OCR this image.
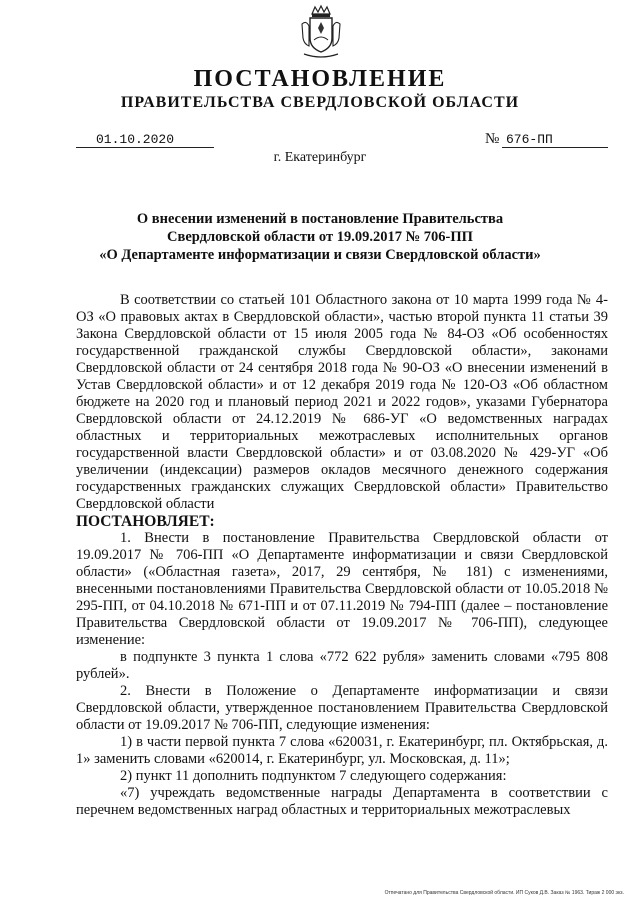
ПОСТАНОВЛЕНИЕ
ПРАВИТЕЛЬСТВА СВЕРДЛОВСКОЙ ОБЛАСТИ
01.10.2020	№ 676-ПП
г. Екатеринбург
О внесении изменений в постановление Правительства
Свердловской области от 19.09.2017 № 706-ПП
«О Департаменте информатизации и связи Свердловской области»

В соответствии со статьей 101 Областного закона от 10 марта 1999 года № 4-ОЗ «О правовых актах в Свердловской области», частью второй пункта 11 статьи 39 Закона Свердловской области от 15 июля 2005 года № 84-ОЗ «Об особенностях государственной гражданской службы Свердловской области», законами Свердловской области от 24 сентября 2018 года № 90-ОЗ «О внесении изменений в Устав Свердловской области» и от 12 декабря 2019 года № 120-ОЗ «Об областном бюджете на 2020 год и плановый период 2021 и 2022 годов», указами Губернатора Свердловской области от 24.12.2019 № 686-УГ «О ведомственных наградах областных и территориальных межотраслевых исполнительных органов государственной власти Свердловской области» и от 03.08.2020 № 429-УГ «Об увеличении (индексации) размеров окладов месячного денежного содержания государственных гражданских служащих Свердловской области» Правительство Свердловской области

ПОСТАНОВЛЯЕТ:

1. Внести в постановление Правительства Свердловской области от 19.09.2017 № 706-ПП «О Департаменте информатизации и связи Свердловской области» («Областная газета», 2017, 29 сентября, № 181) с изменениями, внесенными постановлениями Правительства Свердловской области от 10.05.2018 № 295-ПП, от 04.10.2018 № 671-ПП и от 07.11.2019 № 794-ПП (далее – постановление Правительства Свердловской области от 19.09.2017 № 706-ПП), следующее изменение:

в подпункте 3 пункта 1 слова «772 622 рубля» заменить словами «795 808 рублей».

2. Внести в Положение о Департаменте информатизации и связи Свердловской области, утвержденное постановлением Правительства Свердловской области от 19.09.2017 № 706-ПП, следующие изменения:

1) в части первой пункта 7 слова «620031, г. Екатеринбург, пл. Октябрьская, д. 1» заменить словами «620014, г. Екатеринбург, ул. Московская, д. 11»;

2) пункт 11 дополнить подпунктом 7 следующего содержания:

«7) учреждать ведомственные награды Департамента в соответствии с перечнем ведомственных наград областных и территориальных межотраслевых

Отпечатано для Правительства Свердловской области. ИП Суков Д.В. Заказ № 1963. Тираж 2 000 экз.
